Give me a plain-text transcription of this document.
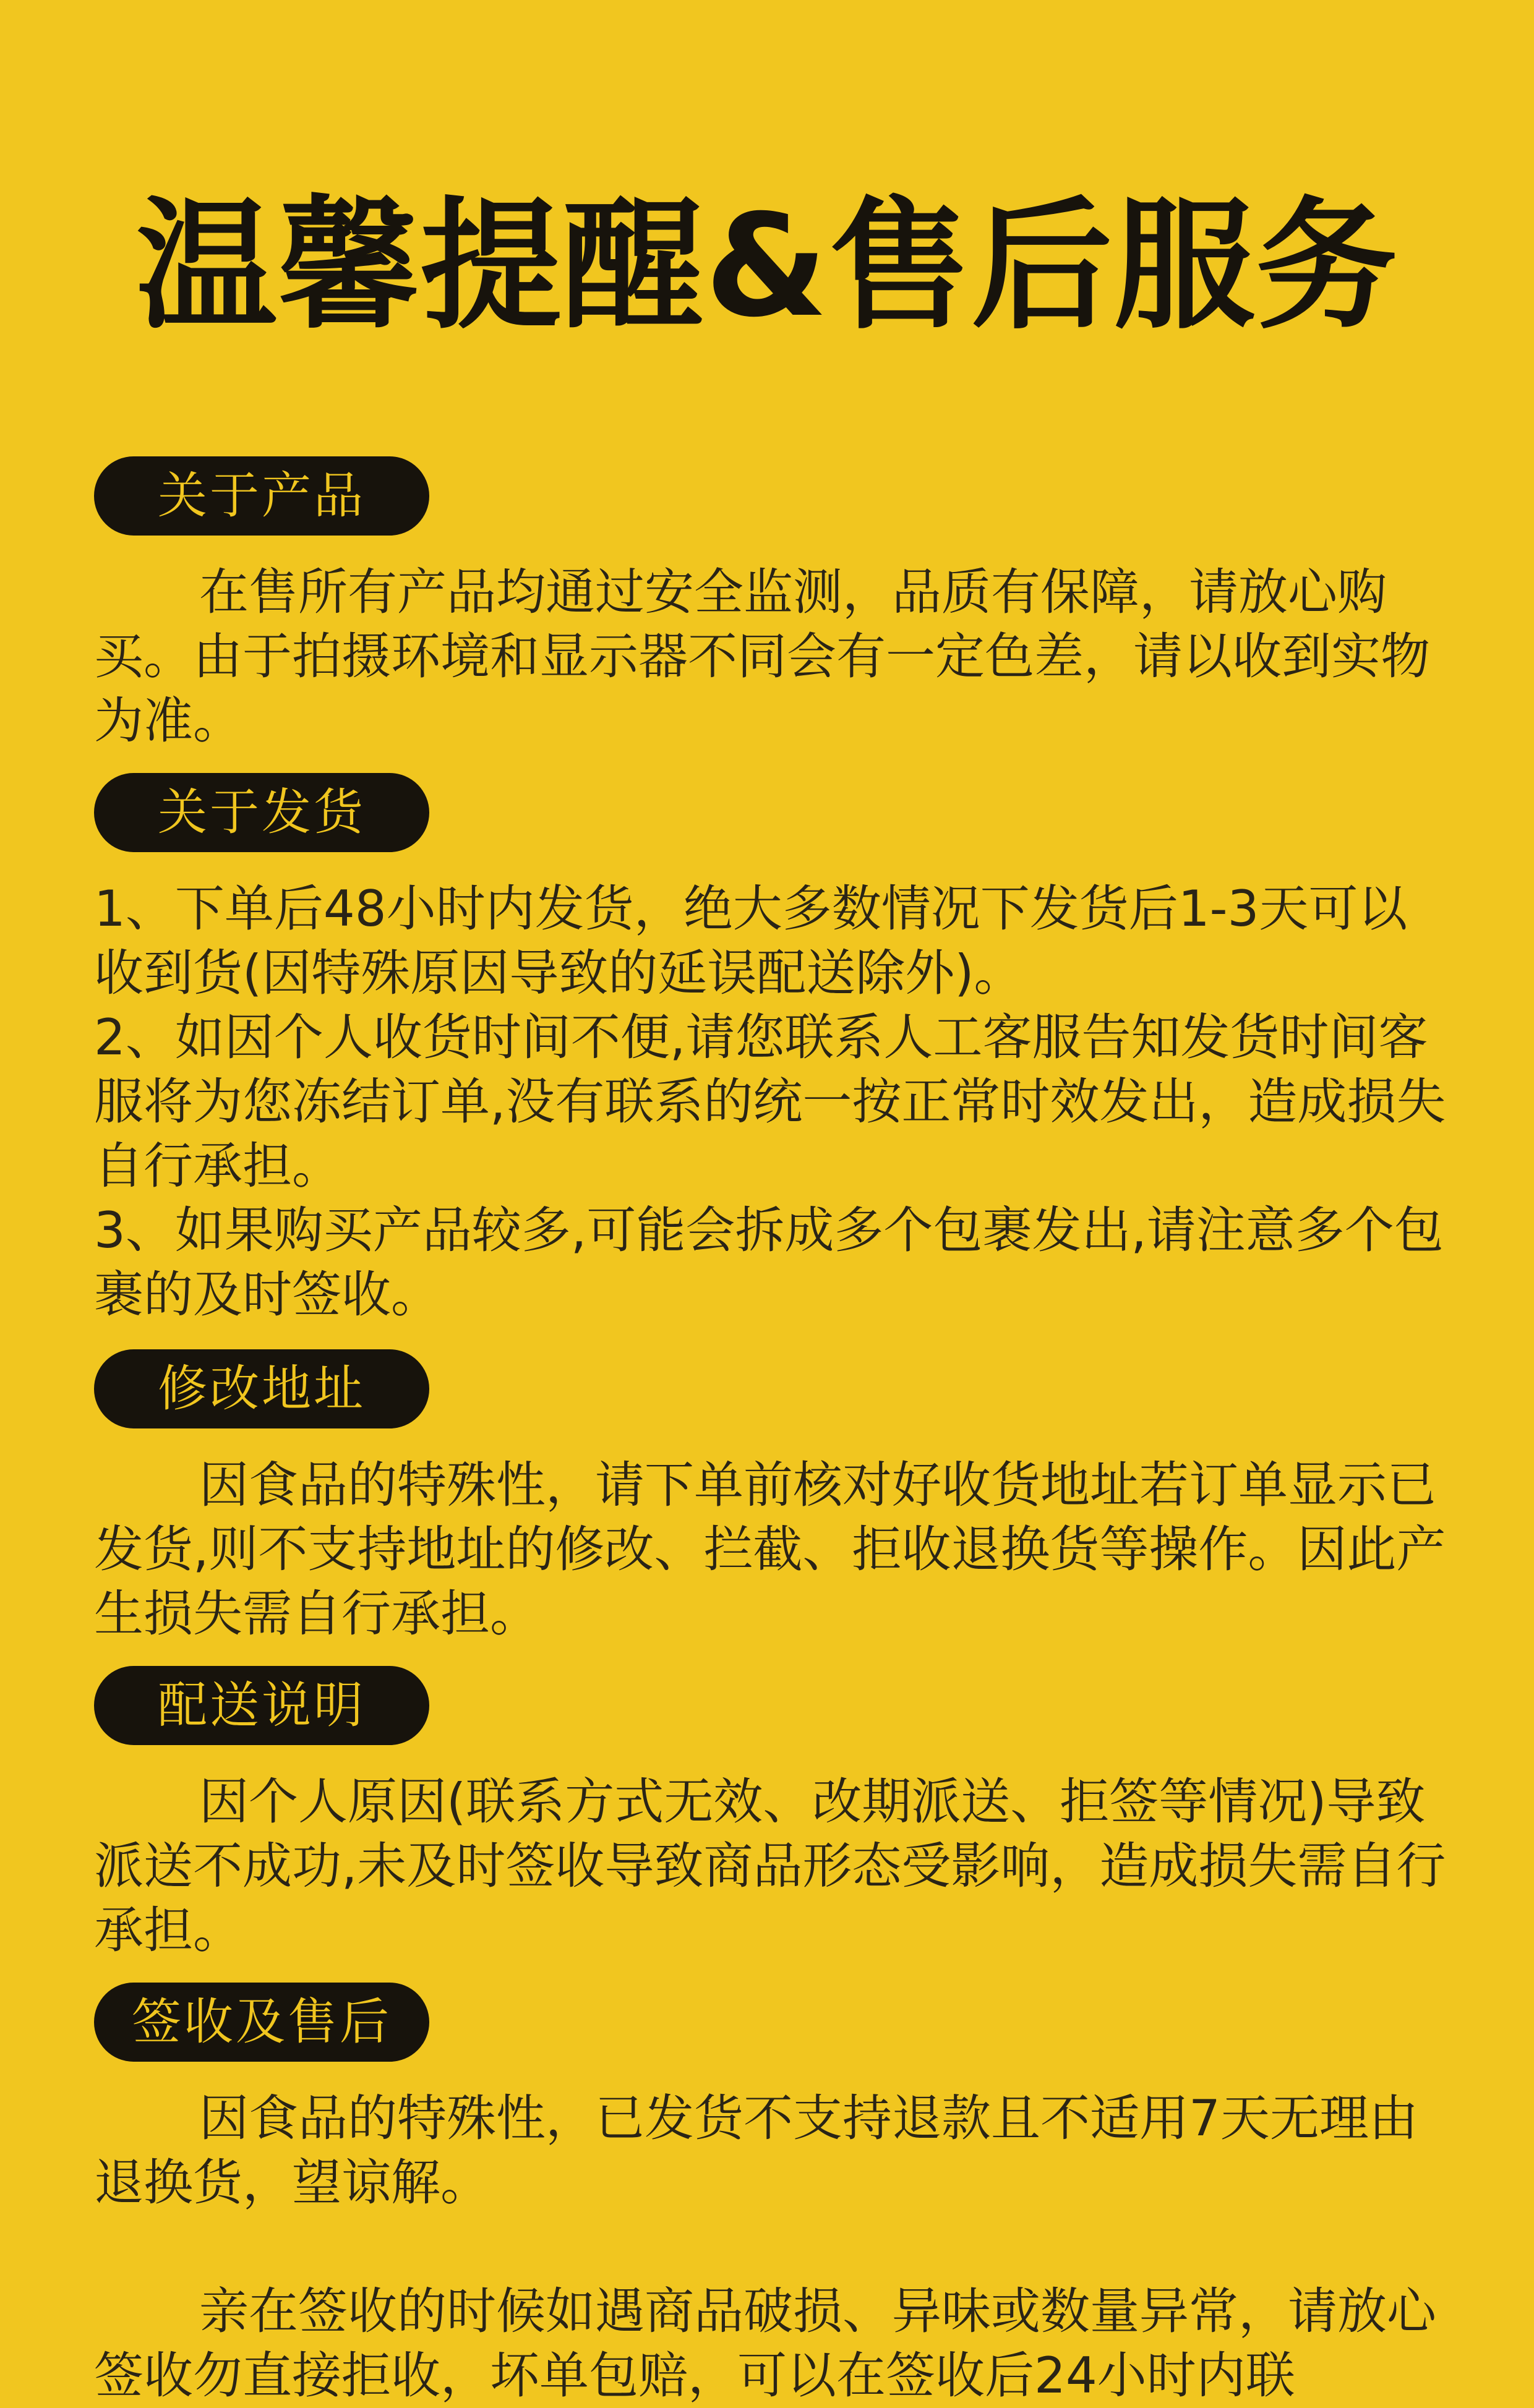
温馨提醒&售后服务
关于产品

在售所有产品均通过安全监测，品质有保障，请放心购买。由于拍摄环境和显示器不同会有一定色差，请以收到实物为准。

关于发货

1、下单后48小时内发货，绝大多数情况下发货后1-3天可以收到货(因特殊原因导致的延误配送除外)。

2、如因个人收货时间不便,请您联系人工客服告知发货时间客服将为您冻结订单,没有联系的统一按正常时效发出，造成损失自行承担。

3、如果购买产品较多,可能会拆成多个包裹发出,请注意多个包裹的及时签收。

修改地址

因食品的特殊性，请下单前核对好收货地址若订单显示已发货,则不支持地址的修改、拦截、拒收退换货等操作。因此产生损失需自行承担。

配送说明

因个人原因(联系方式无效、改期派送、拒签等情况)导致派送不成功,未及时签收导致商品形态受影响，造成损失需自行承担。

签收及售后

因食品的特殊性，已发货不支持退款且不适用7天无理由退换货，望谅解。

亲在签收的时候如遇商品破损、异味或数量异常，请放心签收勿直接拒收，坏单包赔，可以在签收后24小时内联
